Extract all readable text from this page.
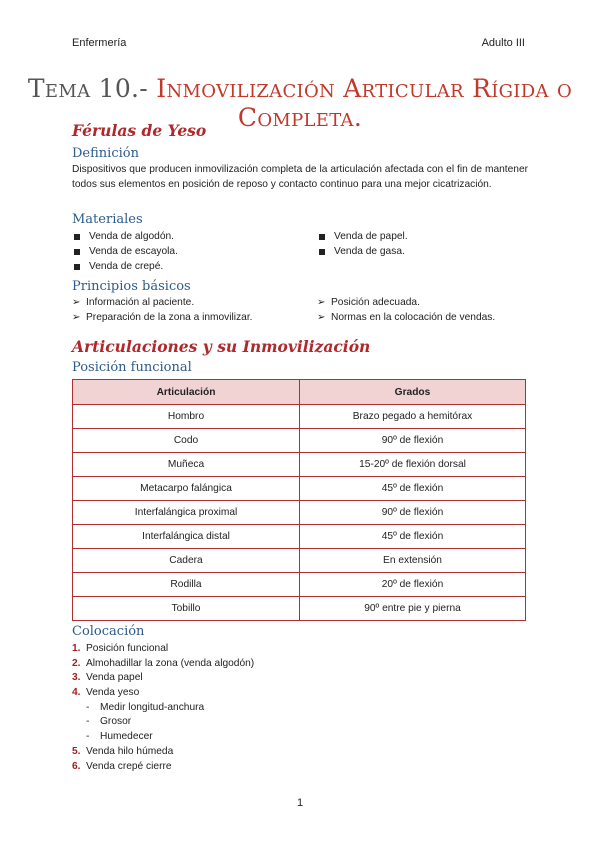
Enfermería	Adulto III
Tema 10.- Inmovilización Articular Rígida o Completa.
Férulas de Yeso
Definición
Dispositivos que producen inmovilización completa de la articulación afectada con el fin de mantener todos sus elementos en posición de reposo y contacto continuo para una mejor cicatrización.
Materiales
Venda de algodón.
Venda de escayola.
Venda de crepé.
Venda de papel.
Venda de gasa.
Principios básicos
➢ Información al paciente.
➢ Preparación de la zona a inmovilizar.
➢ Posición adecuada.
➢ Normas en la colocación de vendas.
Articulaciones y su Inmovilización
Posición funcional
Articulación	Grados
Hombro	Brazo pegado a hemitórax
Codo	90º de flexión
Muñeca	15-20º de flexión dorsal
Metacarpo falángica	45º de flexión
Interfalángica proximal	90º de flexión
Interfalángica distal	45º de flexión
Cadera	En extensión
Rodilla	20º de flexión
Tobillo	90º entre pie y pierna
Colocación
1. Posición funcional
2. Almohadillar la zona (venda algodón)
3. Venda papel
4. Venda yeso
- Medir longitud-anchura
- Grosor
- Humedecer
5. Venda hilo húmeda
6. Venda crepé cierre
1
